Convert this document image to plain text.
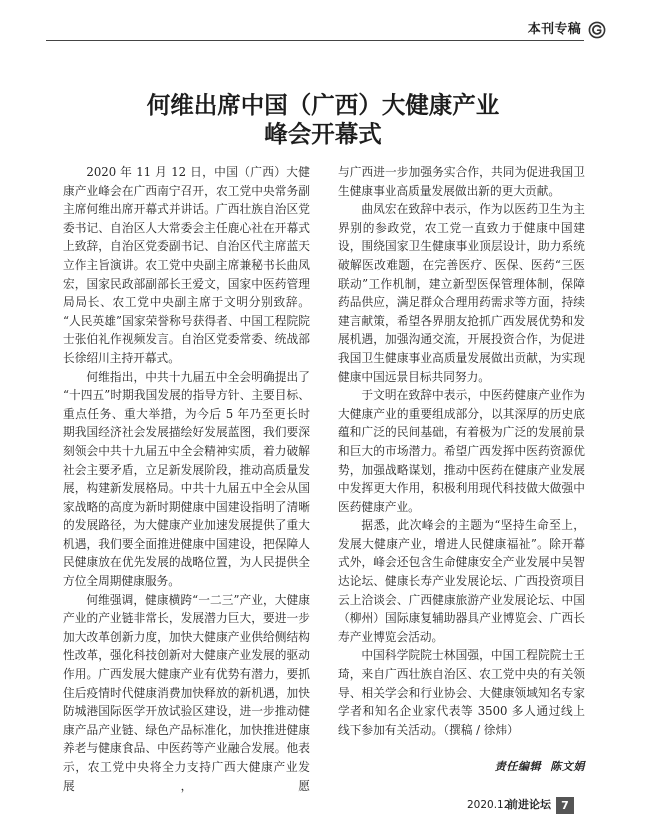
本刊专稿
何维出席中国（广西）大健康产业
峰会开幕式

2020 年 11 月 12 日，中国（广西）大健康产业峰会在广西南宁召开，农工党中央常务副主席何维出席开幕式并讲话。广西壮族自治区党委书记、自治区人大常委会主任鹿心社在开幕式上致辞，自治区党委副书记、自治区代主席蓝天立作主旨演讲。农工党中央副主席兼秘书长曲凤宏，国家民政部副部长王爱文，国家中医药管理局局长、农工党中央副主席于文明分别致辞。“人民英雄”国家荣誉称号获得者、中国工程院院士张伯礼作视频发言。自治区党委常委、统战部长徐绍川主持开幕式。

何维指出，中共十九届五中全会明确提出了“十四五”时期我国发展的指导方针、主要目标、重点任务、重大举措，为今后 5 年乃至更长时期我国经济社会发展描绘好发展蓝图，我们要深刻领会中共十九届五中全会精神实质，着力破解社会主要矛盾，立足新发展阶段，推动高质量发展，构建新发展格局。中共十九届五中全会从国家战略的高度为新时期健康中国建设指明了清晰的发展路径，为大健康产业加速发展提供了重大机遇，我们要全面推进健康中国建设，把保障人民健康放在优先发展的战略位置，为人民提供全方位全周期健康服务。

何维强调，健康横跨“一二三”产业，大健康产业的产业链非常长，发展潜力巨大，要进一步加大改革创新力度，加快大健康产业供给侧结构性改革，强化科技创新对大健康产业发展的驱动作用。广西发展大健康产业有优势有潜力，要抓住后疫情时代健康消费加快释放的新机遇，加快防城港国际医学开放试验区建设，进一步推动健康产品产业链、绿色产品标准化，加快推进健康养老与健康食品、中医药等产业融合发展。他表示，农工党中央将全力支持广西大健康产业发展，愿

与广西进一步加强务实合作，共同为促进我国卫生健康事业高质量发展做出新的更大贡献。

曲凤宏在致辞中表示，作为以医药卫生为主界别的参政党，农工党一直致力于健康中国建设，围绕国家卫生健康事业顶层设计，助力系统破解医改难题，在完善医疗、医保、医药“三医联动”工作机制，建立新型医保管理体制，保障药品供应，满足群众合理用药需求等方面，持续建言献策，希望各界朋友抢抓广西发展优势和发展机遇，加强沟通交流，开展投资合作，为促进我国卫生健康事业高质量发展做出贡献，为实现健康中国远景目标共同努力。

于文明在致辞中表示，中医药健康产业作为大健康产业的重要组成部分，以其深厚的历史底蕴和广泛的民间基础，有着极为广泛的发展前景和巨大的市场潜力。希望广西发挥中医药资源优势，加强战略谋划，推动中医药在健康产业发展中发挥更大作用，积极利用现代科技做大做强中医药健康产业。

据悉，此次峰会的主题为“坚持生命至上，发展大健康产业，增进人民健康福祉”。除开幕式外，峰会还包含生命健康安全产业发展中吴智达论坛、健康长寿产业发展论坛、广西投资项目云上洽谈会、广西健康旅游产业发展论坛、中国（柳州）国际康复辅助器具产业博览会、广西长寿产业博览会活动。

中国科学院院士林国强，中国工程院院士王琦，来自广西壮族自治区、农工党中央的有关领导、相关学会和行业协会、大健康领域知名专家学者和知名企业家代表等 3500 多人通过线上线下参加有关活动。（撰稿 / 徐炜）

责任编辑 陈文娟
2020.12
前进论坛 7
